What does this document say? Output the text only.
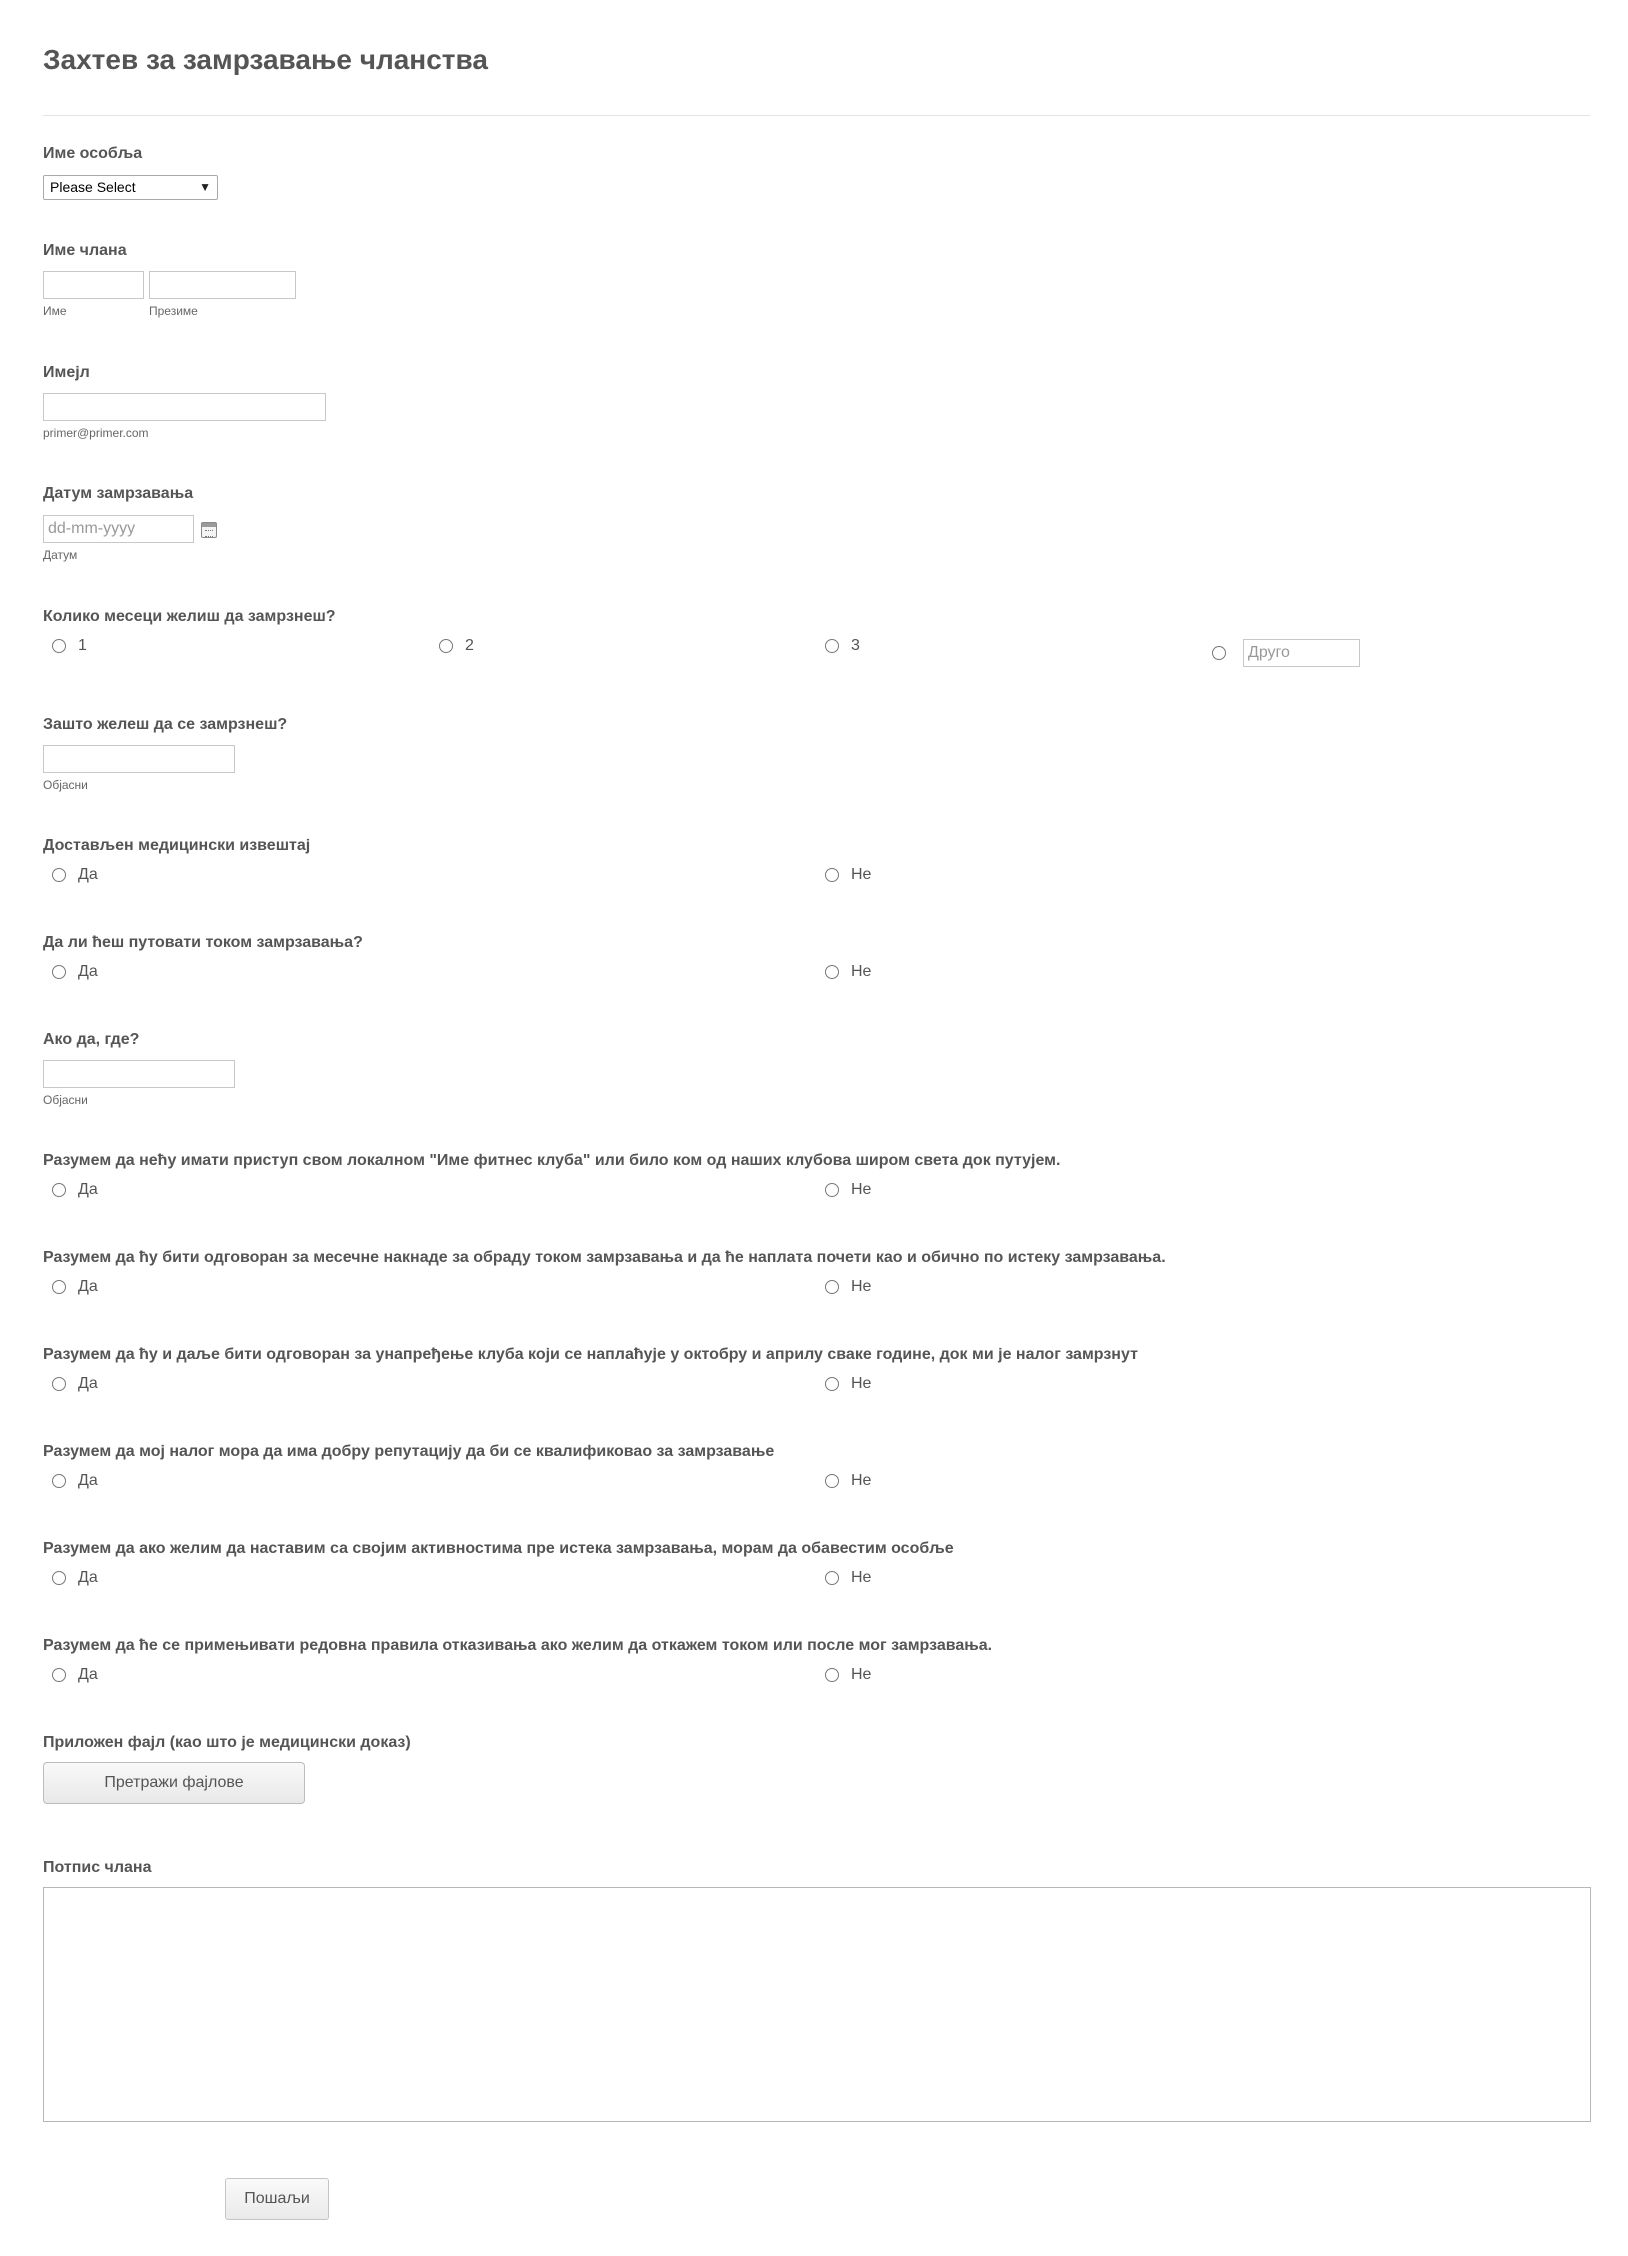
Захтев за замрзавање чланства
Име особља
Please Select	▼
Име члана
Име	Презиме
Имејл
primer@primer.com
Датум замрзавања
dd-mm-yyyy
Датум
Колико месеци желиш да замрзнеш?
1	2	3	Друго
Зашто желеш да се замрзнеш?
Објасни
Достављен медицински извештај
Да	Не
Да ли ћеш путовати током замрзавања?
Да	Не
Ако да, где?
Објасни
Разумем да нећу имати приступ свом локалном "Име фитнес клуба" или било ком од наших клубова широм света док путујем.
Да	Не
Разумем да ћу бити одговоран за месечне накнаде за обраду током замрзавања и да ће наплата почети као и обично по истеку замрзавања.
Да	Не
Разумем да ћу и даље бити одговоран за унапређење клуба који се наплаћује у октобру и априлу сваке године, док ми је налог замрзнут
Да	Не
Разумем да мој налог мора да има добру репутацију да би се квалификовао за замрзавање
Да	Не
Разумем да ако желим да наставим са својим активностима пре истека замрзавања, морам да обавестим особље
Да	Не
Разумем да ће се примењивати редовна правила отказивања ако желим да откажем током или после мог замрзавања.
Да	Не
Приложен фајл (као што је медицински доказ)
Претражи фајлове
Потпис члана
Пошаљи
